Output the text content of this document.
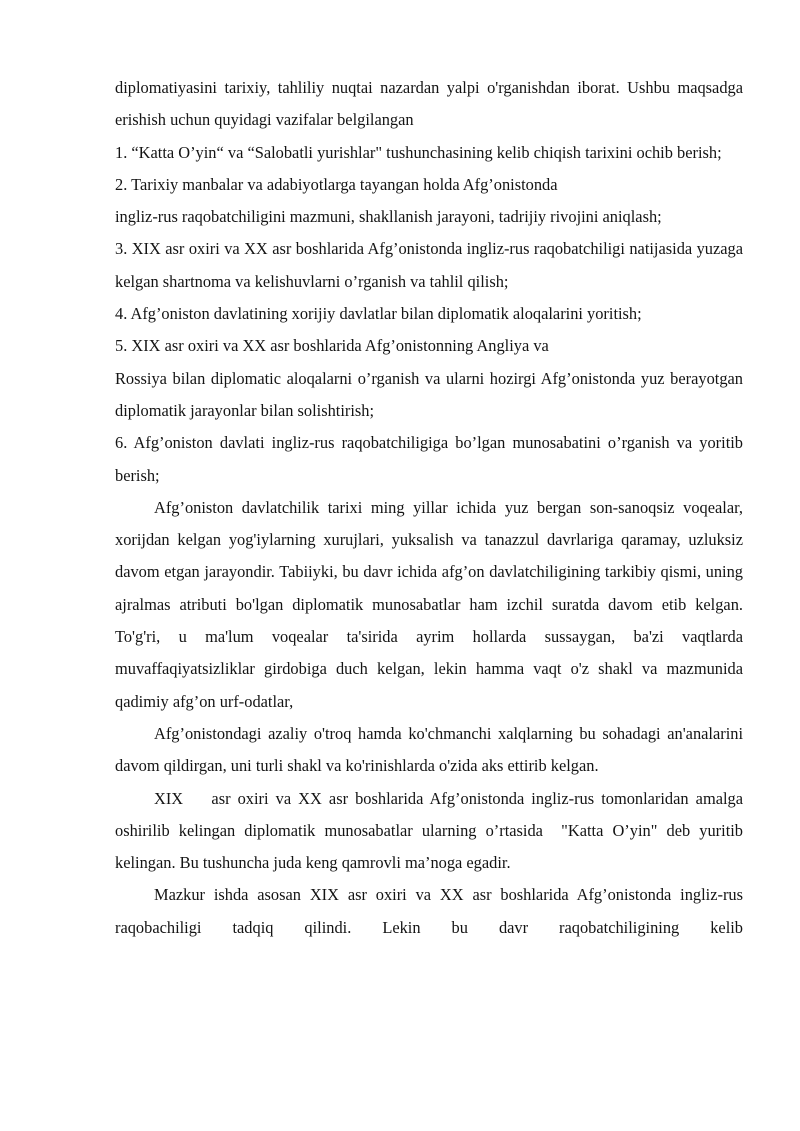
diplomatiyasini tarixiy, tahliliy nuqtai nazardan yalpi o'rganishdan iborat. Ushbu maqsadga erishish uchun quyidagi vazifalar belgilangan

1. “Katta O’yin“ va “Salobatli yurishlar" tushunchasining kelib chiqish tarixini ochib berish;

2. Tarixiy manbalar va adabiyotlarga tayangan holda Afg’onistonda

ingliz-rus raqobatchiligini mazmuni, shakllanish jarayoni, tadrijiy rivojini aniqlash;

3. XIX asr oxiri va XX asr boshlarida Afg’onistonda ingliz-rus raqobatchiligi natijasida yuzaga kelgan shartnoma va kelishuvlarni o’rganish va tahlil qilish;

4. Afg’oniston davlatining xorijiy davlatlar bilan diplomatik aloqalarini yoritish;

5. XIX asr oxiri va XX asr boshlarida Afg’onistonning Angliya va

Rossiya bilan diplomatic aloqalarni o’rganish va ularni hozirgi Afg’onistonda yuz berayotgan diplomatik jarayonlar bilan solishtirish;

6. Afg’oniston davlati ingliz-rus raqobatchiligiga bo’lgan munosabatini o’rganish va yoritib berish;

Afg’oniston davlatchilik tarixi ming yillar ichida yuz bergan son-sanoqsiz voqealar, xorijdan kelgan yog'iylarning xurujlari, yuksalish va tanazzul davrlariga qaramay, uzluksiz davom etgan jarayondir. Tabiiyki, bu davr ichida afg’on davlatchiligining tarkibiy qismi, uning ajralmas atributi bo'lgan diplomatik munosabatlar ham izchil suratda davom etib kelgan. To'g'ri, u ma'lum voqealar ta'sirida ayrim hollarda sussaygan, ba'zi vaqtlarda muvaffaqiyatsizliklar girdobiga duch kelgan, lekin hamma vaqt o'z shakl va mazmunida qadimiy afg’on urf-odatlar,

Afg’onistondagi azaliy o'troq hamda ko'chmanchi xalqlarning bu sohadagi an'analarini davom qildirgan, uni turli shakl va ko'rinishlarda o'zida aks ettirib kelgan.

XIX    asr oxiri va XX asr boshlarida Afg’onistonda ingliz-rus tomonlaridan amalga oshirilib kelingan diplomatik munosabatlar ularning o’rtasida  "Katta O’yin" deb yuritib kelingan. Bu tushuncha juda keng qamrovli ma’noga egadir.

Mazkur ishda asosan XIX asr oxiri va XX asr boshlarida Afg’onistonda ingliz-rus raqobachiligi tadqiq qilindi. Lekin bu davr raqobatchiligining kelib
